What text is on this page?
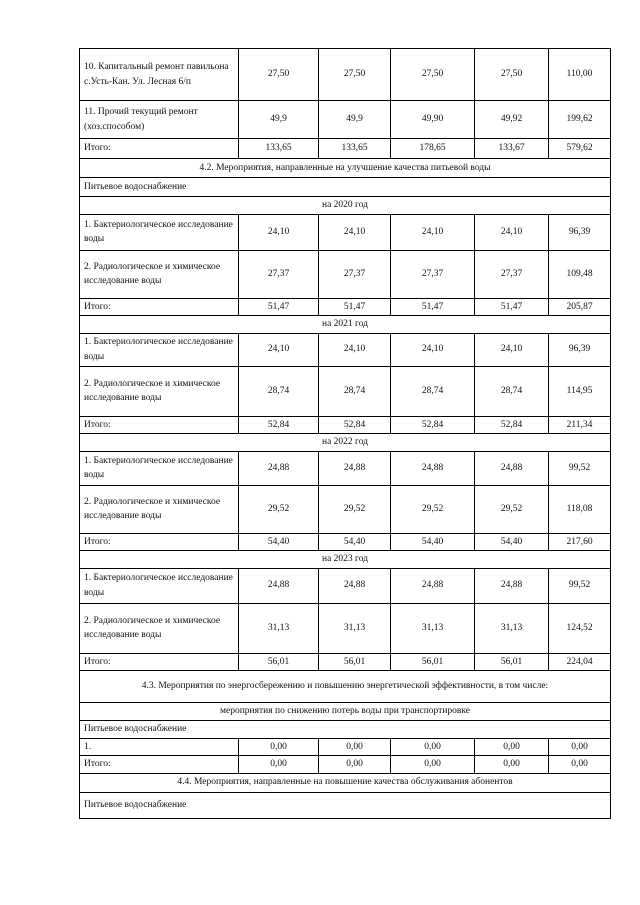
10. Капитальный ремонт павильона с.Усть-Кан. Ул. Лесная 6/п	27,50	27,50	27,50	27,50	110,00
11. Прочий текущий ремонт (хоз.способом)	49,9	49,9	49,90	49,92	199,62
Итого:	133,65	133,65	178,65	133,67	579,62
4.2. Мероприятия, направленные на улучшение качества питьевой воды					
Питьевое водоснабжение					
на 2020 год					
1. Бактериологическое исследование воды	24,10	24,10	24,10	24,10	96,39
2. Радиологическое и химическое исследование воды	27,37	27,37	27,37	27,37	109,48
Итого:	51,47	51,47	51,47	51,47	205,87
на 2021 год					
1. Бактериологическое исследование воды	24,10	24,10	24,10	24,10	96,39
2. Радиологическое и химическое исследование воды	28,74	28,74	28,74	28,74	114,95
Итого:	52,84	52,84	52,84	52,84	211,34
на 2022 год					
1. Бактериологическое исследование воды	24,88	24,88	24,88	24,88	99,52
2. Радиологическое и химическое исследование воды	29,52	29,52	29,52	29,52	118,08
Итого:	54,40	54,40	54,40	54,40	217,60
на 2023 год					
1. Бактериологическое исследование воды	24,88	24,88	24,88	24,88	99,52
2. Радиологическое и химическое исследование воды	31,13	31,13	31,13	31,13	124,52
Итого:	56,01	56,01	56,01	56,01	224,04
4.3. Мероприятия по энергосбережению и повышению энергетической эффективности, в том числе:					
мероприятия по снижению потерь воды при транспортировке					
Питьевое водоснабжение					
1.	0,00	0,00	0,00	0,00	0,00
Итого:	0,00	0,00	0,00	0,00	0,00
4.4. Мероприятия, направленные на повышение качества обслуживания абонентов					
Питьевое водоснабжение					
